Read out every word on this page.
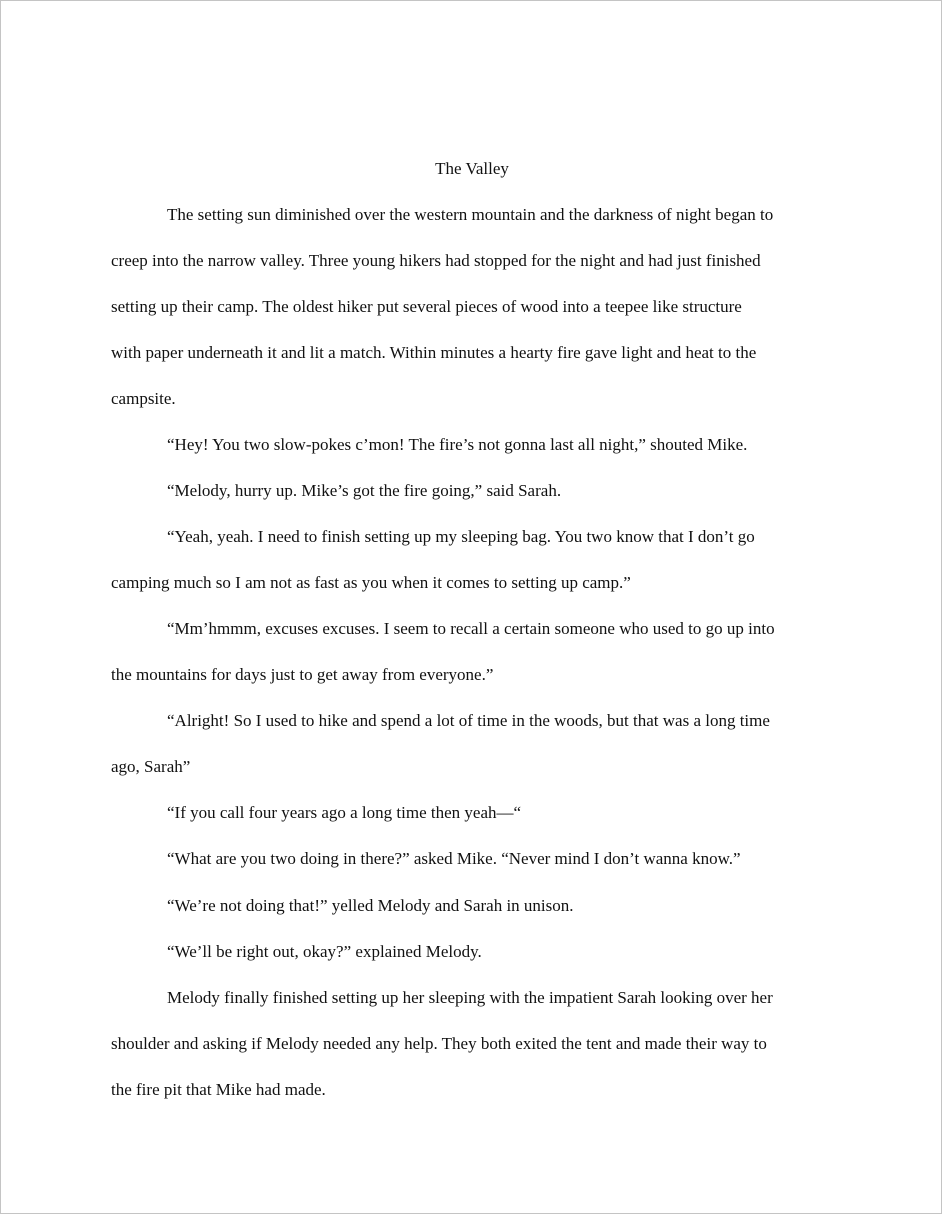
The Valley
The setting sun diminished over the western mountain and the darkness of night began to
creep into the narrow valley. Three young hikers had stopped for the night and had just finished
setting up their camp. The oldest hiker put several pieces of wood into a teepee like structure
with paper underneath it and lit a match. Within minutes a hearty fire gave light and heat to the
campsite.
“Hey! You two slow-pokes c’mon! The fire’s not gonna last all night,” shouted Mike.
“Melody, hurry up. Mike’s got the fire going,” said Sarah.
“Yeah, yeah. I need to finish setting up my sleeping bag. You two know that I don’t go
camping much so I am not as fast as you when it comes to setting up camp.”
“Mm’hmmm, excuses excuses. I seem to recall a certain someone who used to go up into
the mountains for days just to get away from everyone.”
“Alright! So I used to hike and spend a lot of time in the woods, but that was a long time
ago, Sarah”
“If you call four years ago a long time then yeah—“
“What are you two doing in there?” asked Mike. “Never mind I don’t wanna know.”
“We’re not doing that!” yelled Melody and Sarah in unison.
“We’ll be right out, okay?” explained Melody.
Melody finally finished setting up her sleeping with the impatient Sarah looking over her
shoulder and asking if Melody needed any help. They both exited the tent and made their way to
the fire pit that Mike had made.
